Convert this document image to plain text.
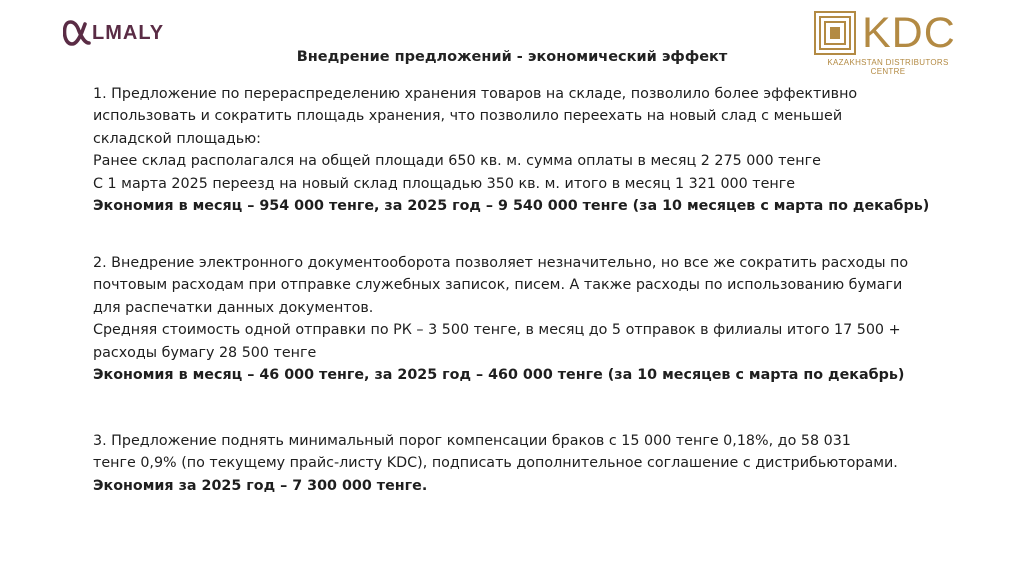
LMALY	KDC
KAZAKHSTAN DISTRIBUTORS
CENTRE
Внедрение предложений - экономический эффект

1. Предложение по перераспределению хранения товаров на складе, позволило более эффективно

использовать и сократить площадь хранения, что позволило переехать на новый слад с меньшей

складской площадью:

Ранее склад располагался на общей площади 650 кв. м. сумма оплаты в месяц 2 275 000 тенге

С 1 марта 2025 переезд на новый склад площадью 350 кв. м. итого в месяц 1 321 000 тенге

Экономия в месяц – 954 000 тенге, за 2025 год – 9 540 000 тенге (за 10 месяцев с марта по декабрь)

2. Внедрение электронного документооборота позволяет незначительно, но все же сократить расходы по

почтовым расходам при отправке служебных записок, писем. А также расходы по использованию бумаги

для распечатки данных документов.

Средняя стоимость одной отправки по РК – 3 500 тенге, в месяц до 5 отправок в филиалы итого 17 500 +

расходы бумагу 28 500 тенге

Экономия в месяц – 46 000 тенге, за 2025 год – 460 000 тенге (за 10 месяцев с марта по декабрь)

3. Предложение поднять минимальный порог компенсации браков с 15 000 тенге 0,18%, до 58 031

тенге 0,9% (по текущему прайс-листу KDC), подписать дополнительное соглашение с дистрибьюторами.

Экономия за 2025 год – 7 300 000 тенге.
